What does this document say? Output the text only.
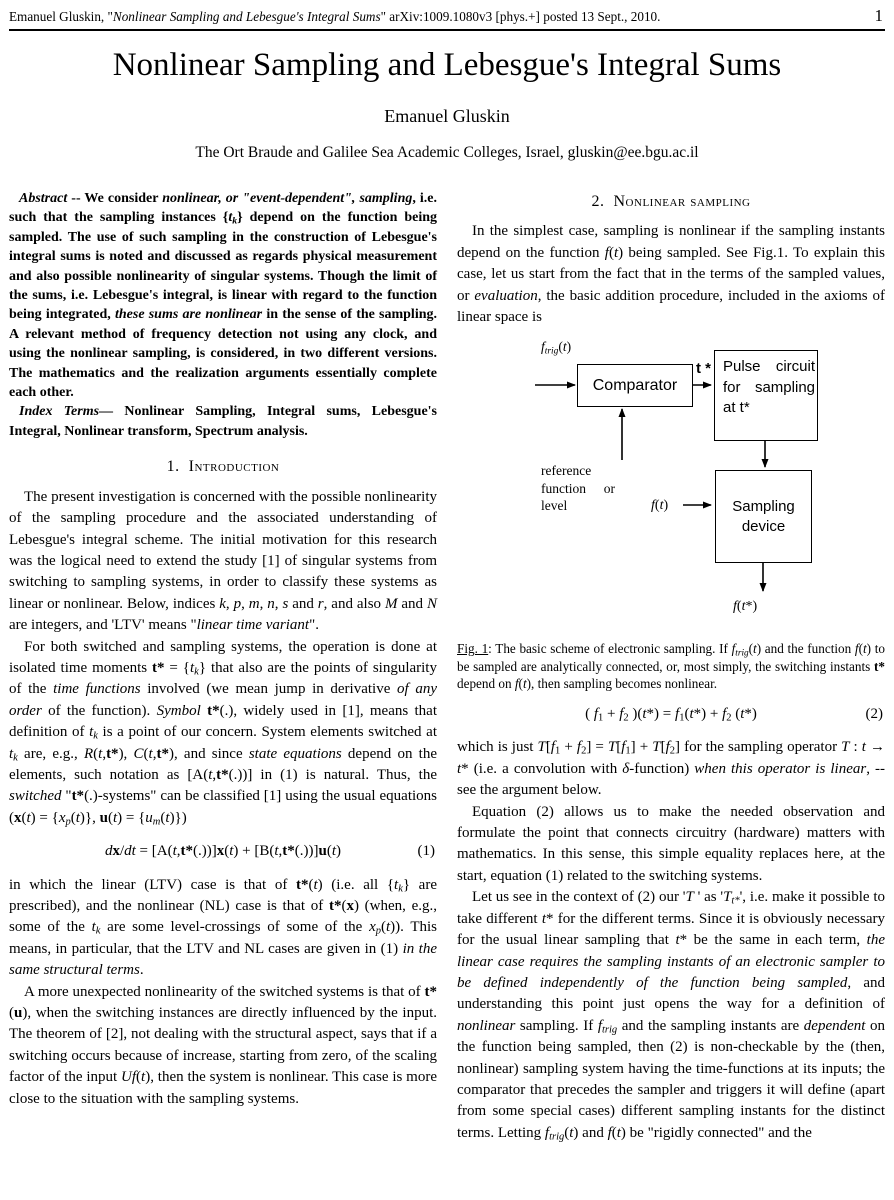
Emanuel Gluskin, "Nonlinear Sampling and Lebesgue's Integral Sums" arXiv:1009.1080v3 [phys.+] posted 13 Sept., 2010.	1
Nonlinear Sampling and Lebesgue's Integral Sums
Emanuel Gluskin
The Ort Braude and Galilee Sea Academic Colleges, Israel, gluskin@ee.bgu.ac.il

Abstract -- We consider nonlinear, or "event-dependent", sampling, i.e. such that the sampling instances $\{t_k\}$ depend on the function being sampled. The use of such sampling in the construction of Lebesgue's integral sums is noted and discussed as regards physical measurement and also possible nonlinearity of singular systems. Though the limit of the sums, i.e. Lebesgue's integral, is linear with regard to the function being integrated, these sums are nonlinear in the sense of the sampling. A relevant method of frequency detection not using any clock, and using the nonlinear sampling, is considered, in two different versions. The mathematics and the realization arguments essentially complete each other.

Index Terms— Nonlinear Sampling, Integral sums, Lebesgue's Integral, Nonlinear transform, Spectrum analysis.

1.  Introduction

The present investigation is concerned with the possible nonlinearity of the sampling procedure and the associated understanding of Lebesgue's integral scheme. The initial motivation for this research was the logical need to extend the study [1] of singular systems from switching to sampling systems, in order to classify these systems as linear or nonlinear. Below, indices k, p, m, n, s and r, and also M and N are integers, and 'LTV' means "linear time variant".

For both switched and sampling systems, the operation is done at isolated time moments $t* = \{t_k\}$ that also are the points of singularity of the time functions involved (we mean jump in derivative of any order of the function). Symbol t*(.), widely used in [1], means that definition of $t_k$ is a point of our concern. System elements switched at $t_k$ are, e.g., R(t,t*), C(t,t*), and since state equations depend on the elements, such notation as [A(t,t*(.))] in (1) is natural. Thus, the switched "t*(.)-systems" can be classified [1] using the usual equations ($x(t) = \{x_p(t)\}$, $u(t) = \{u_m(t)\}$)

dx/dt = [A(t,t*(.))]x(t) + [B(t,t*(.))]u(t)	(1)

in which the linear (LTV) case is that of t*(t) (i.e. all $\{t_k\}$ are prescribed), and the nonlinear (NL) case is that of t*(x) (when, e.g., some of the $t_k$ are some level-crossings of some of the $x_p(t)$). This means, in particular, that the LTV and NL cases are given in (1) in the same structural terms.

A more unexpected nonlinearity of the switched systems is that of t*(u), when the switching instances are directly influenced by the input. The theorem of [2], not dealing with the structural aspect, says that if a switching occurs because of increase, starting from zero, of the scaling factor of the input Uf(t), then the system is nonlinear. This case is more close to the situation with the sampling systems.

2.  Nonlinear sampling

In the simplest case, sampling is nonlinear if the sampling instants depend on the function f(t) being sampled. See Fig.1. To explain this case, let us start from the fact that in the terms of the sampled values, or evaluation, the basic addition procedure, included in the axioms of linear space is

Comparator
Pulse circuit for sampling at t*
Sampling device
$f_{trig}(t)$
t *
reference function or level	f(t)
f(t*)

Fig. 1: The basic scheme of electronic sampling. If $f_{trig}(t)$ and the function f(t) to be sampled are analytically connected, or, most simply, the switching instants t* depend on f(t), then sampling becomes nonlinear.

( $f_1 + f_2$ )$(t*) = f_1(t*) + f_2$ (t*)	(2)

which is just $T[f_1 + f_2] = T[f_1] + T[f_2]$ for the sampling operator T : t → t* (i.e. a convolution with δ-function) when this operator is linear, -- see the argument below.

Equation (2) allows us to make the needed observation and formulate the point that connects circuitry (hardware) matters with mathematics. In this sense, this simple equality replaces here, at the start, equation (1) related to the switching systems.

Let us see in the context of (2) our 'T ' as '$T_{t*}$', i.e. make it possible to take different t* for the different terms. Since it is obviously necessary for the usual linear sampling that t* be the same in each term, the linear case requires the sampling instants of an electronic sampler to be defined independently of the function being sampled, and understanding this point just opens the way for a definition of nonlinear sampling. If $f_{trig}$ and the sampling instants are dependent on the function being sampled, then (2) is non-checkable by the (then, nonlinear) sampling system having the time-functions at its inputs; the comparator that precedes the sampler and triggers it will define (apart from some special cases) different sampling instants for the distinct terms. Letting $f_{trig}(t)$ and f(t) be "rigidly connected" and the
